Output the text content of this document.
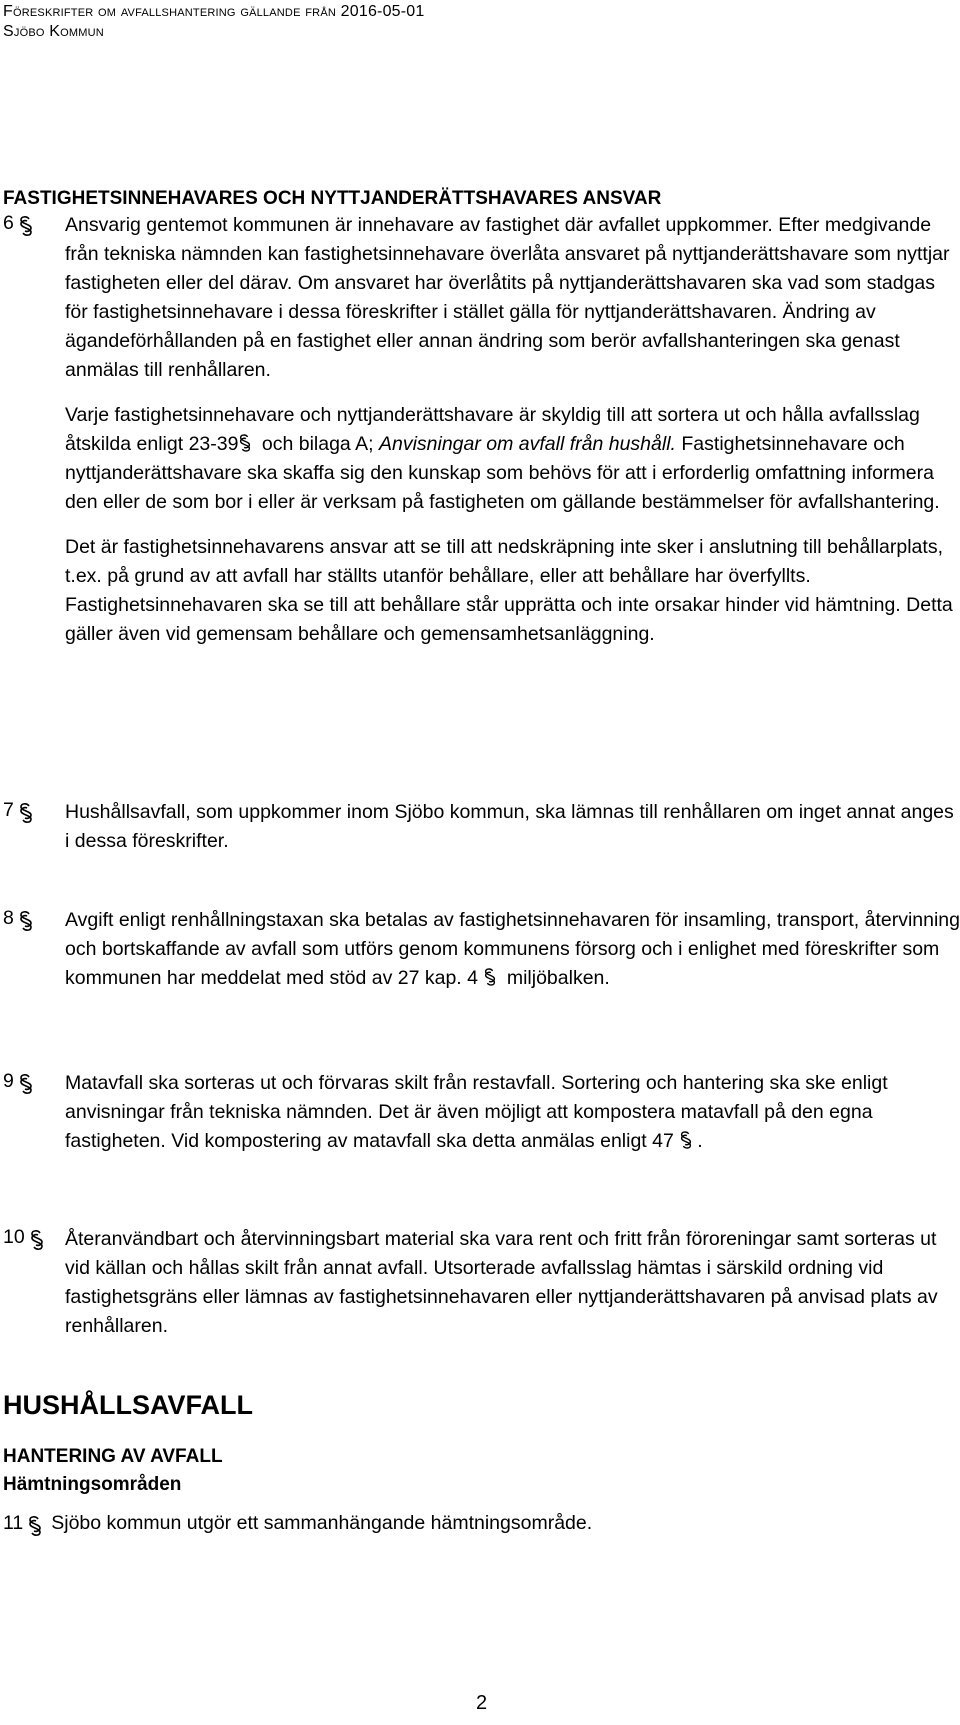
Föreskrifter om avfallshantering gällande från 2016-05-01
Sjöbo Kommun
FASTIGHETSINNEHAVARES OCH NYTTJANDERÄTTSHAVARES ANSVAR
6	Ansvarig gentemot kommunen är innehavare av fastighet där avfallet uppkommer. Efter medgivande från tekniska nämnden kan fastighetsinnehavare överlåta ansvaret på nyttjanderättshavare som nyttjar fastigheten eller del därav. Om ansvaret har överlåtits på nyttjanderättshavaren ska vad som stadgas för fastighetsinnehavare i dessa föreskrifter i stället gälla för nyttjanderättshavaren. Ändring av ägandeförhållanden på en fastighet eller annan ändring som berör avfallshanteringen ska genast anmälas till renhållaren.

Varje fastighetsinnehavare och nyttjanderättshavare är skyldig till att sortera ut och hålla avfallsslag åtskilda enligt 23-39 och bilaga A; Anvisningar om avfall från hushåll. Fastighetsinnehavare och nyttjanderättshavare ska skaffa sig den kunskap som behövs för att i erforderlig omfattning informera den eller de som bor i eller är verksam på fastigheten om gällande bestämmelser för avfallshantering.

Det är fastighetsinnehavarens ansvar att se till att nedskräpning inte sker i anslutning till behållarplats, t.ex. på grund av att avfall har ställts utanför behållare, eller att behållare har överfyllts. Fastighetsinnehavaren ska se till att behållare står upprätta och inte orsakar hinder vid hämtning. Detta gäller även vid gemensam behållare och gemensamhetsanläggning.

7	Hushållsavfall, som uppkommer inom Sjöbo kommun, ska lämnas till renhållaren om inget annat anges i dessa föreskrifter.

8	Avgift enligt renhållningstaxan ska betalas av fastighetsinnehavaren för insamling, transport, återvinning och bortskaffande av avfall som utförs genom kommunens försorg och i enlighet med föreskrifter som kommunen har meddelat med stöd av 27 kap. 4 miljöbalken.

9	Matavfall ska sorteras ut och förvaras skilt från restavfall. Sortering och hantering ska ske enligt anvisningar från tekniska nämnden. Det är även möjligt att kompostera matavfall på den egna fastigheten. Vid kompostering av matavfall ska detta anmälas enligt 47 .

10	Återanvändbart och återvinningsbart material ska vara rent och fritt från föroreningar samt sorteras ut vid källan och hållas skilt från annat avfall. Utsorterade avfallsslag hämtas i särskild ordning vid fastighetsgräns eller lämnas av fastighetsinnehavaren eller nyttjanderättshavaren på anvisad plats av renhållaren.

HUSHÅLLSAVFALL
HANTERING AV AVFALL
Hämtningsområden
11 Sjöbo kommun utgör ett sammanhängande hämtningsområde.
2
